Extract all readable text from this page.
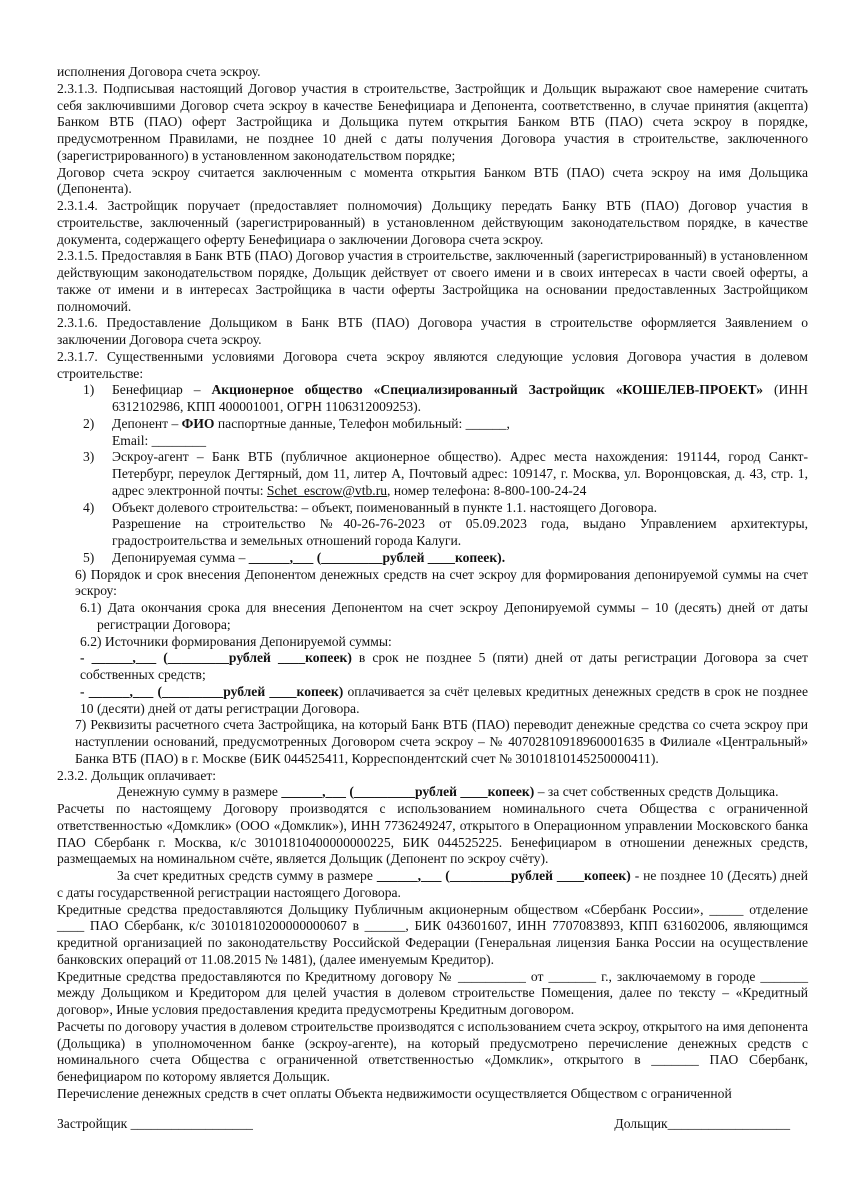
исполнения Договора счета эскроу.

2.3.1.3. Подписывая настоящий Договор участия в строительстве, Застройщик и Дольщик выражают свое намерение считать себя заключившими Договор счета эскроу в качестве Бенефициара и Депонента, соответственно, в случае принятия (акцепта) Банком ВТБ (ПАО) оферт Застройщика и Дольщика путем открытия Банком ВТБ (ПАО) счета эскроу в порядке, предусмотренном Правилами, не позднее 10 дней с даты получения Договора участия в строительстве, заключенного (зарегистрированного) в установленном законодательством порядке;

Договор счета эскроу считается заключенным с момента открытия Банком ВТБ (ПАО) счета эскроу на имя Дольщика (Депонента).

2.3.1.4. Застройщик поручает (предоставляет полномочия) Дольщику передать Банку ВТБ (ПАО) Договор участия в строительстве, заключенный (зарегистрированный) в установленном действующим законодательством порядке, в качестве документа, содержащего оферту Бенефициара о заключении Договора счета эскроу.

2.3.1.5. Предоставляя в Банк ВТБ (ПАО) Договор участия в строительстве, заключенный (зарегистрированный) в установленном действующим законодательством порядке, Дольщик действует от своего имени и в своих интересах в части своей оферты, а также от имени и в интересах Застройщика в части оферты Застройщика на основании предоставленных Застройщиком полномочий.

2.3.1.6. Предоставление Дольщиком в Банк ВТБ (ПАО) Договора участия в строительстве оформляется Заявлением о заключении Договора счета эскроу.

2.3.1.7. Существенными условиями Договора счета эскроу являются следующие условия Договора участия в долевом строительстве:

1) Бенефициар – Акционерное общество «Специализированный Застройщик «КОШЕЛЕВ-ПРОЕКТ» (ИНН 6312102986, КПП 400001001, ОГРН 1106312009253).

2) Депонент – ФИО паспортные данные, Телефон мобильный: ______,

Email: ________

3) Эскроу-агент – Банк ВТБ (публичное акционерное общество). Адрес места нахождения: 191144, город Санкт-Петербург, переулок Дегтярный, дом 11, литер А, Почтовый адрес: 109147, г. Москва, ул. Воронцовская, д. 43, стр. 1, адрес электронной почты: Schet_escrow@vtb.ru, номер телефона: 8-800-100-24-24

4) Объект долевого строительства: – объект, поименованный в пункте 1.1. настоящего Договора.

Разрешение на строительство №40-26-76-2023 от 05.09.2023 года, выдано Управлением архитектуры, градостроительства и земельных отношений города Калуги.

5) Депонируемая сумма – ______,___ (_________рублей ____копеек).

6) Порядок и срок внесения Депонентом денежных средств на счет эскроу для формирования депонируемой суммы на счет эскроу:

6.1) Дата окончания срока для внесения Депонентом на счет эскроу Депонируемой суммы – 10 (десять) дней от даты регистрации Договора;

6.2) Источники формирования Депонируемой суммы:

- ______,___ (_________рублей ____копеек) в срок не позднее 5 (пяти) дней от даты регистрации Договора за счет собственных средств;

- ______,___ (_________рублей ____копеек) оплачивается за счёт целевых кредитных денежных средств в срок не позднее 10 (десяти) дней от даты регистрации Договора.

7) Реквизиты расчетного счета Застройщика, на который Банк ВТБ (ПАО) переводит денежные средства со счета эскроу при наступлении оснований, предусмотренных Договором счета эскроу – № 40702810918960001635 в Филиале «Центральный» Банка ВТБ (ПАО) в г. Москве (БИК 044525411, Корреспондентский счет № 30101810145250000411).

2.3.2. Дольщик оплачивает:

Денежную сумму в размере ______,___ (_________рублей ____копеек) – за счет собственных средств Дольщика.

Расчеты по настоящему Договору производятся с использованием номинального счета Общества с ограниченной ответственностью «Домклик» (ООО «Домклик»), ИНН 7736249247, открытого в Операционном управлении Московского банка ПАО Сбербанк г. Москва, к/с 30101810400000000225, БИК 044525225. Бенефициаром в отношении денежных средств, размещаемых на номинальном счёте, является Дольщик (Депонент по эскроу счёту).

За счет кредитных средств сумму в размере ______,___ (_________рублей ____копеек) - не позднее 10 (Десять) дней с даты государственной регистрации настоящего Договора.

Кредитные средства предоставляются Дольщику Публичным акционерным обществом «Сбербанк России», _____ отделение ____ ПАО Сбербанк, к/с 30101810200000000607 в ______, БИК 043601607, ИНН 7707083893, КПП 631602006, являющимся кредитной организацией по законодательству Российской Федерации (Генеральная лицензия Банка России на осуществление банковских операций от 11.08.2015 № 1481), (далее именуемым Кредитор).

Кредитные средства предоставляются по Кредитному договору № __________ от _______ г., заключаемому в городе _______ между Дольщиком и Кредитором для целей участия в долевом строительстве Помещения, далее по тексту – «Кредитный договор», Иные условия предоставления кредита предусмотрены Кредитным договором.

Расчеты по договору участия в долевом строительстве производятся с использованием счета эскроу, открытого на имя депонента (Дольщика) в уполномоченном банке (эскроу-агенте), на который предусмотрено перечисление денежных средств с номинального счета Общества с ограниченной ответственностью «Домклик», открытого в _______ ПАО Сбербанк, бенефициаром по которому является Дольщик.

Перечисление денежных средств в счет оплаты Объекта недвижимости осуществляется Обществом с ограниченной

Застройщик __________________	Дольщик__________________
